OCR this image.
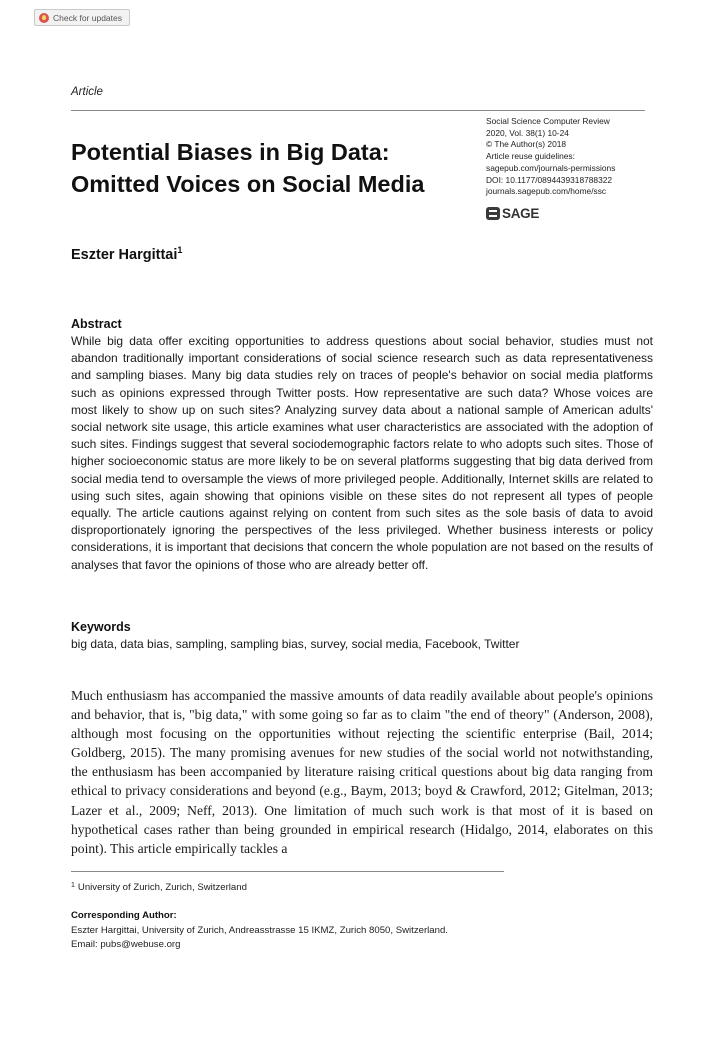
Check for updates
Article
Potential Biases in Big Data:
Omitted Voices on Social Media
Social Science Computer Review
2020, Vol. 38(1) 10-24
© The Author(s) 2018
Article reuse guidelines:
sagepub.com/journals-permissions
DOI: 10.1177/0894439318788322
journals.sagepub.com/home/ssc
SAGE
Eszter Hargittai$^1$
Abstract

While big data offer exciting opportunities to address questions about social behavior, studies must not abandon traditionally important considerations of social science research such as data representativeness and sampling biases. Many big data studies rely on traces of people's behavior on social media platforms such as opinions expressed through Twitter posts. How representative are such data? Whose voices are most likely to show up on such sites? Analyzing survey data about a national sample of American adults' social network site usage, this article examines what user characteristics are associated with the adoption of such sites. Findings suggest that several sociodemographic factors relate to who adopts such sites. Those of higher socioeconomic status are more likely to be on several platforms suggesting that big data derived from social media tend to oversample the views of more privileged people. Additionally, Internet skills are related to using such sites, again showing that opinions visible on these sites do not represent all types of people equally. The article cautions against relying on content from such sites as the sole basis of data to avoid disproportionately ignoring the perspectives of the less privileged. Whether business interests or policy considerations, it is important that decisions that concern the whole population are not based on the results of analyses that favor the opinions of those who are already better off.

Keywords
big data, data bias, sampling, sampling bias, survey, social media, Facebook, Twitter

Much enthusiasm has accompanied the massive amounts of data readily available about people's opinions and behavior, that is, "big data," with some going so far as to claim "the end of theory" (Anderson, 2008), although most focusing on the opportunities without rejecting the scientific enterprise (Bail, 2014; Goldberg, 2015). The many promising avenues for new studies of the social world not notwithstanding, the enthusiasm has been accompanied by literature raising critical questions about big data ranging from ethical to privacy considerations and beyond (e.g., Baym, 2013; boyd & Crawford, 2012; Gitelman, 2013; Lazer et al., 2009; Neff, 2013). One limitation of much such work is that most of it is based on hypothetical cases rather than being grounded in empirical research (Hidalgo, 2014, elaborates on this point). This article empirically tackles a

$^1$ University of Zurich, Zurich, Switzerland
Corresponding Author:
Eszter Hargittai, University of Zurich, Andreasstrasse 15 IKMZ, Zurich 8050, Switzerland.
Email: pubs@webuse.org
